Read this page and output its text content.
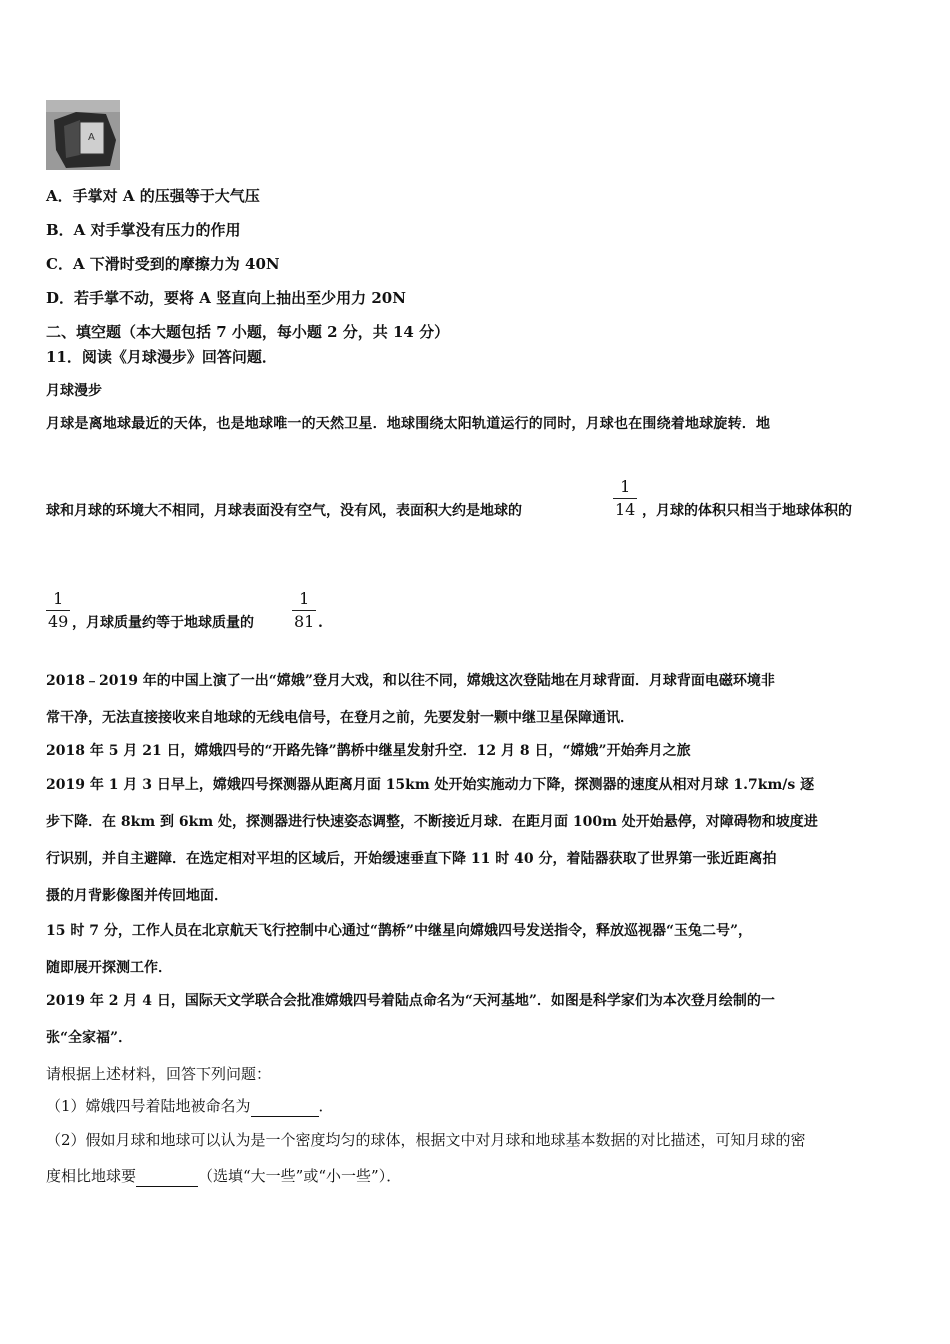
A
A．手掌对 A 的压强等于大气压
B．A 对手掌没有压力的作用
C．A 下滑时受到的摩擦力为 40N
D．若手掌不动，要将 A 竖直向上抽出至少用力 20N
二、填空题（本大题包括 7 小题，每小题 2 分，共 14 分）
11．阅读《月球漫步》回答问题．
月球漫步
月球是离地球最近的天体，也是地球唯一的天然卫星．地球围绕太阳轨道运行的同时，月球也在围绕着地球旋转．地
球和月球的环境大不相同，月球表面没有空气，没有风，表面积大约是地球的
1
14 ，月球的体积只相当于地球体积的
1
49 ，月球质量约等于地球质量的
1
81 .
2018﹣2019 年的中国上演了一出“嫦娥”登月大戏，和以往不同，嫦娥这次登陆地在月球背面．月球背面电磁环境非
常干净，无法直接接收来自地球的无线电信号，在登月之前，先要发射一颗中继卫星保障通讯．
2018 年 5 月 21 日，嫦娥四号的“开路先锋”鹊桥中继星发射升空．12 月 8 日，“嫦娥”开始奔月之旅
2019 年 1 月 3 日早上，嫦娥四号探测器从距离月面 15km 处开始实施动力下降，探测器的速度从相对月球 1.7km/s 逐
步下降．在 8km 到 6km 处，探测器进行快速姿态调整，不断接近月球．在距月面 100m 处开始悬停，对障碍物和坡度进
行识别，并自主避障．在选定相对平坦的区域后，开始缓速垂直下降 11 时 40 分，着陆器获取了世界第一张近距离拍
摄的月背影像图并传回地面．
15 时 7 分，工作人员在北京航天飞行控制中心通过“鹊桥”中继星向嫦娥四号发送指令，释放巡视器“玉兔二号”，
随即展开探测工作．
2019 年 2 月 4 日，国际天文学联合会批准嫦娥四号着陆点命名为“天河基地”．如图是科学家们为本次登月绘制的一
张“全家福”．
请根据上述材料，回答下列问题：
（1）嫦娥四号着陆地被命名为	．
（2）假如月球和地球可以认为是一个密度均匀的球体，根据文中对月球和地球基本数据的对比描述，可知月球的密
度相比地球要	（选填“大一些”或“小一些”）．
